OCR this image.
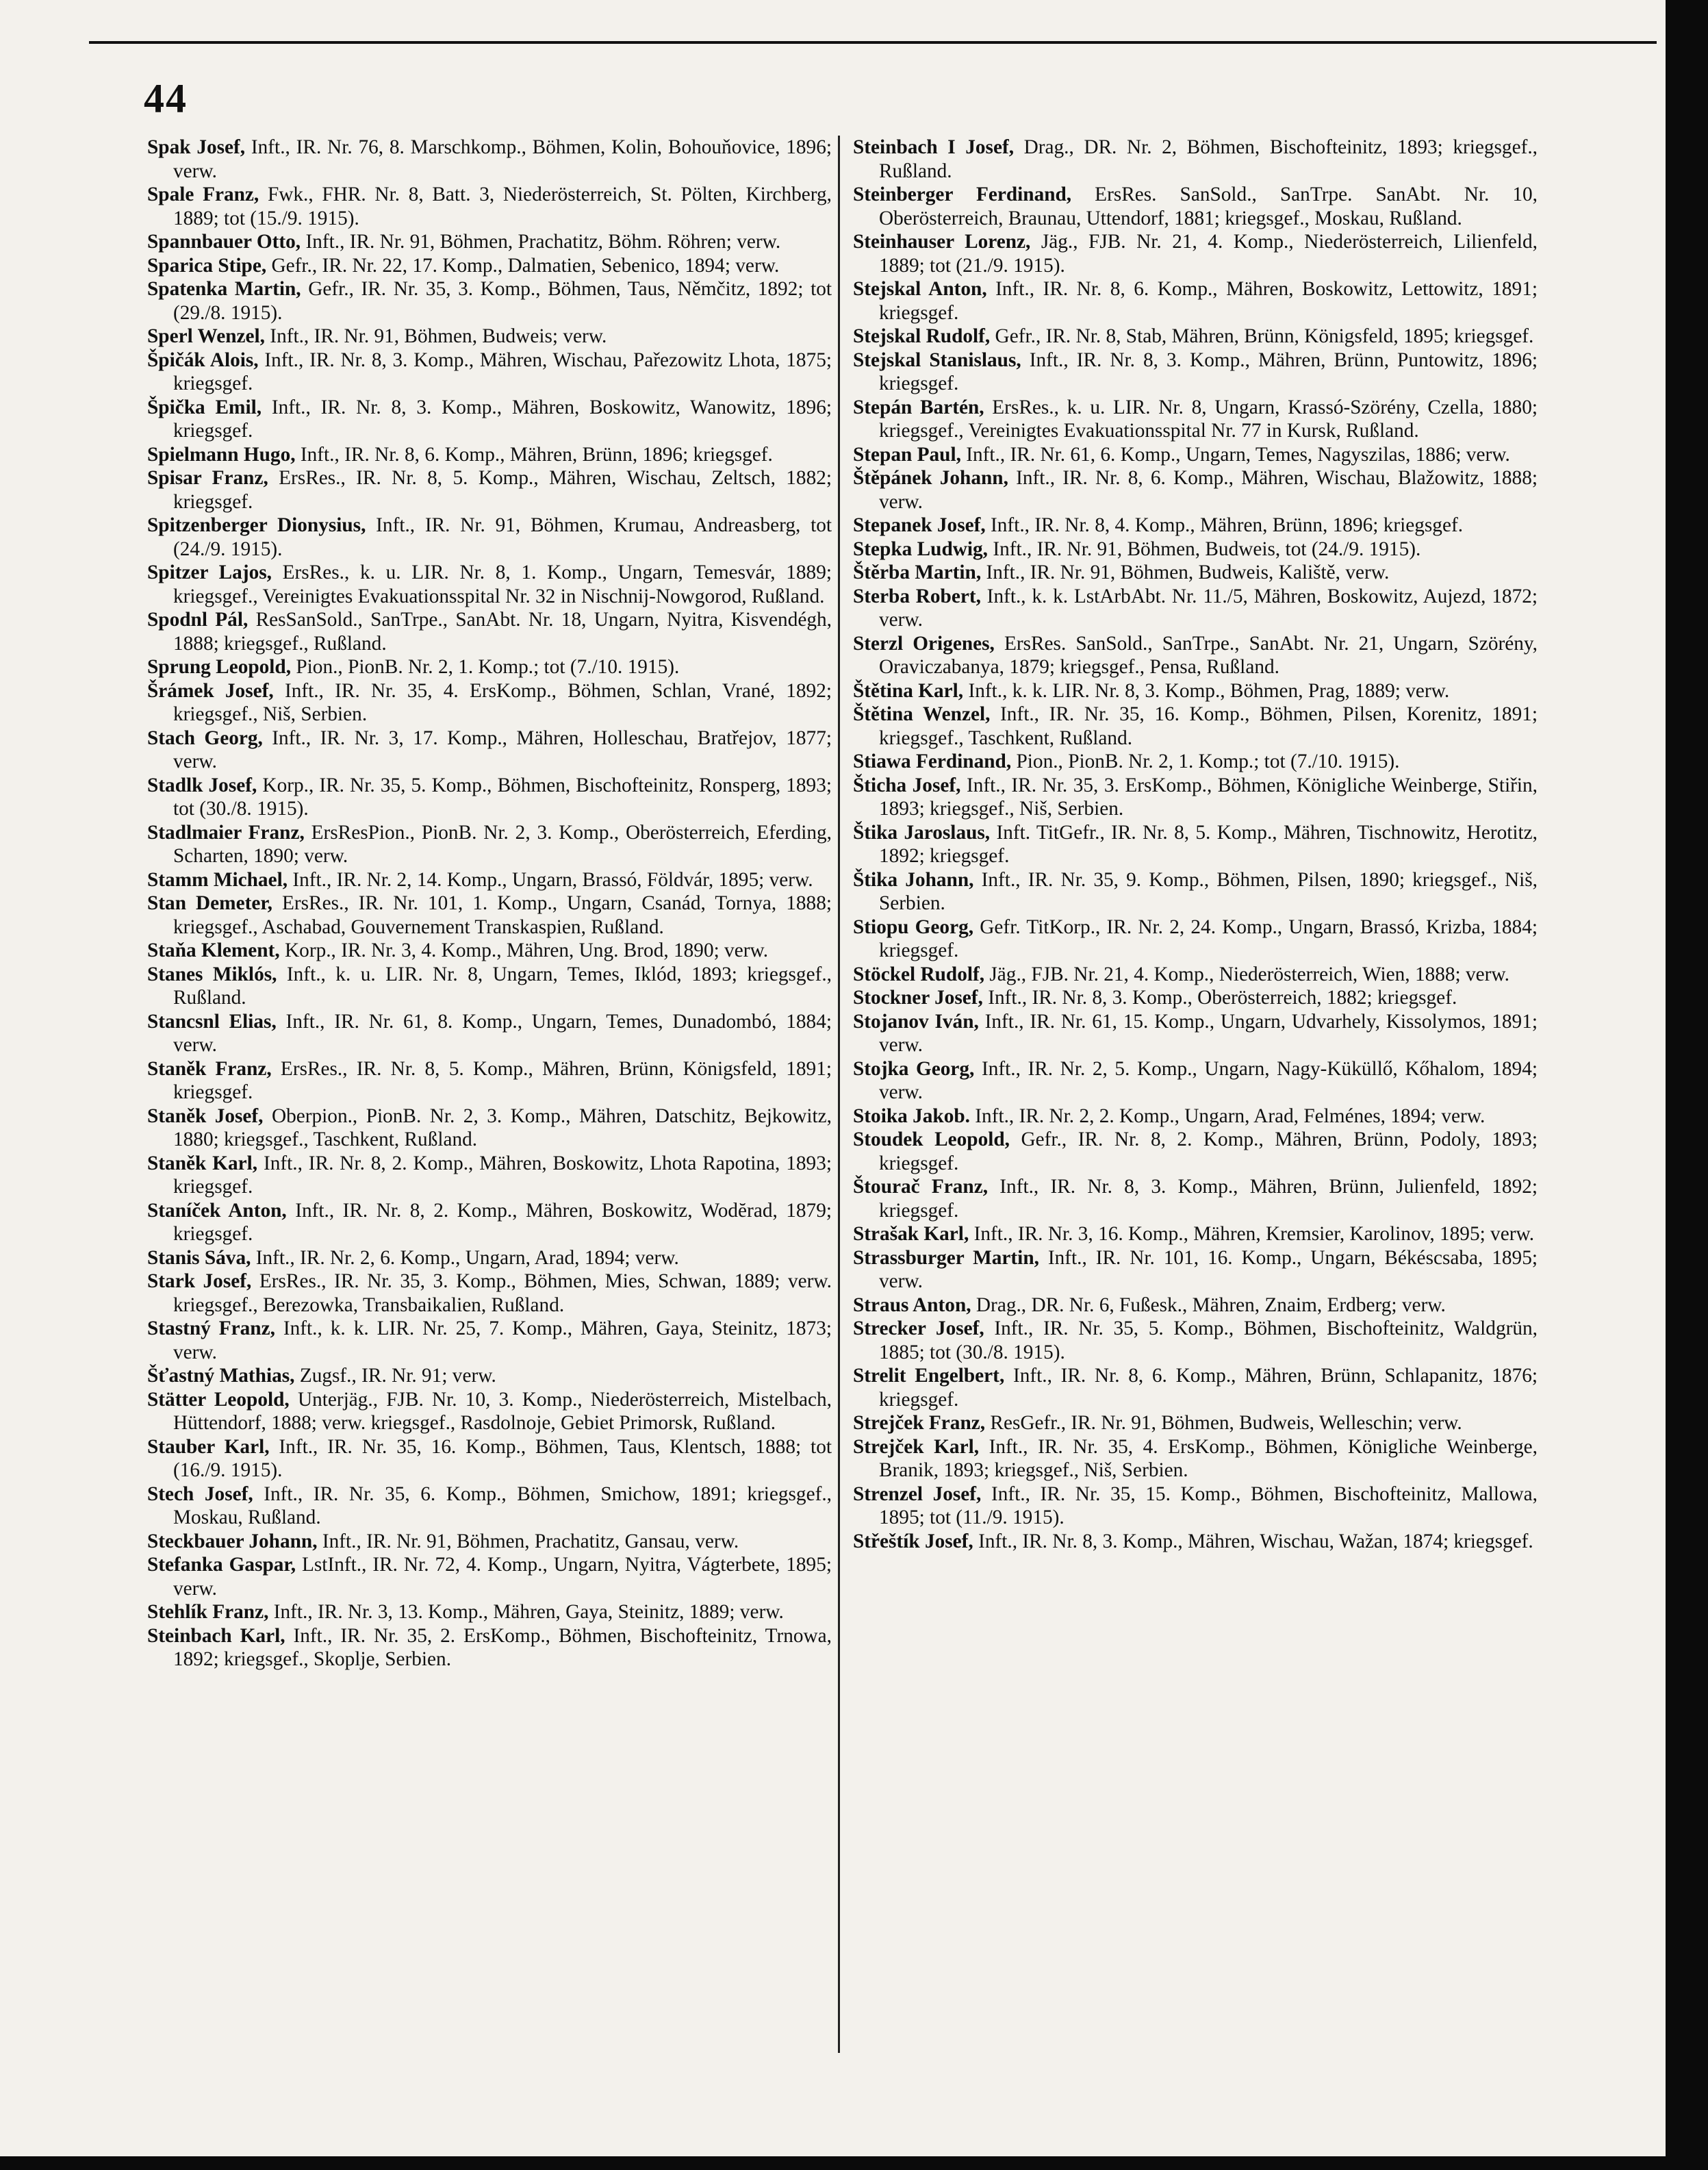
44

Spak Josef, Inft., IR. Nr. 76, 8. Marschkomp., Böhmen, Kolin, Bohouňovice, 1896; verw.

Spale Franz, Fwk., FHR. Nr. 8, Batt. 3, Niederösterreich, St. Pölten, Kirchberg, 1889; tot (15./9. 1915).

Spannbauer Otto, Inft., IR. Nr. 91, Böhmen, Prachatitz, Böhm. Röhren; verw.

Sparica Stipe, Gefr., IR. Nr. 22, 17. Komp., Dalmatien, Sebenico, 1894; verw.

Spatenka Martin, Gefr., IR. Nr. 35, 3. Komp., Böhmen, Taus, Němčitz, 1892; tot (29./8. 1915).

Sperl Wenzel, Inft., IR. Nr. 91, Böhmen, Budweis; verw.

Špičák Alois, Inft., IR. Nr. 8, 3. Komp., Mähren, Wischau, Pařezowitz Lhota, 1875; kriegsgef.

Špička Emil, Inft., IR. Nr. 8, 3. Komp., Mähren, Boskowitz, Wanowitz, 1896; kriegsgef.

Spielmann Hugo, Inft., IR. Nr. 8, 6. Komp., Mähren, Brünn, 1896; kriegsgef.

Spisar Franz, ErsRes., IR. Nr. 8, 5. Komp., Mähren, Wischau, Zeltsch, 1882; kriegsgef.

Spitzenberger Dionysius, Inft., IR. Nr. 91, Böhmen, Krumau, Andreasberg, tot (24./9. 1915).

Spitzer Lajos, ErsRes., k. u. LIR. Nr. 8, 1. Komp., Ungarn, Temesvár, 1889; kriegsgef., Vereinigtes Evakuationsspital Nr. 32 in Nischnij-Nowgorod, Rußland.

Spodnl Pál, ResSanSold., SanTrpe., SanAbt. Nr. 18, Ungarn, Nyitra, Kisvendégh, 1888; kriegsgef., Rußland.

Sprung Leopold, Pion., PionB. Nr. 2, 1. Komp.; tot (7./10. 1915).

Šrámek Josef, Inft., IR. Nr. 35, 4. ErsKomp., Böhmen, Schlan, Vrané, 1892; kriegsgef., Niš, Serbien.

Stach Georg, Inft., IR. Nr. 3, 17. Komp., Mähren, Holleschau, Bratřejov, 1877; verw.

Stadlk Josef, Korp., IR. Nr. 35, 5. Komp., Böhmen, Bischofteinitz, Ronsperg, 1893; tot (30./8. 1915).

Stadlmaier Franz, ErsResPion., PionB. Nr. 2, 3. Komp., Oberösterreich, Eferding, Scharten, 1890; verw.

Stamm Michael, Inft., IR. Nr. 2, 14. Komp., Ungarn, Brassó, Földvár, 1895; verw.

Stan Demeter, ErsRes., IR. Nr. 101, 1. Komp., Ungarn, Csanád, Tornya, 1888; kriegsgef., Aschabad, Gouvernement Transkaspien, Rußland.

Staňa Klement, Korp., IR. Nr. 3, 4. Komp., Mähren, Ung. Brod, 1890; verw.

Stanes Miklós, Inft., k. u. LIR. Nr. 8, Ungarn, Temes, Iklód, 1893; kriegsgef., Rußland.

Stancsnl Elias, Inft., IR. Nr. 61, 8. Komp., Ungarn, Temes, Dunadombó, 1884; verw.

Staněk Franz, ErsRes., IR. Nr. 8, 5. Komp., Mähren, Brünn, Königsfeld, 1891; kriegsgef.

Staněk Josef, Oberpion., PionB. Nr. 2, 3. Komp., Mähren, Datschitz, Bejkowitz, 1880; kriegsgef., Taschkent, Rußland.

Staněk Karl, Inft., IR. Nr. 8, 2. Komp., Mähren, Boskowitz, Lhota Rapotina, 1893; kriegsgef.

Staníček Anton, Inft., IR. Nr. 8, 2. Komp., Mähren, Boskowitz, Wodĕrad, 1879; kriegsgef.

Stanis Sáva, Inft., IR. Nr. 2, 6. Komp., Ungarn, Arad, 1894; verw.

Stark Josef, ErsRes., IR. Nr. 35, 3. Komp., Böhmen, Mies, Schwan, 1889; verw. kriegsgef., Berezowka, Transbaikalien, Rußland.

Stastný Franz, Inft., k. k. LIR. Nr. 25, 7. Komp., Mähren, Gaya, Steinitz, 1873; verw.

Šťastný Mathias, Zugsf., IR. Nr. 91; verw.

Stätter Leopold, Unterjäg., FJB. Nr. 10, 3. Komp., Niederösterreich, Mistelbach, Hüttendorf, 1888; verw. kriegsgef., Rasdolnoje, Gebiet Primorsk, Rußland.

Stauber Karl, Inft., IR. Nr. 35, 16. Komp., Böhmen, Taus, Klentsch, 1888; tot (16./9. 1915).

Stech Josef, Inft., IR. Nr. 35, 6. Komp., Böhmen, Smichow, 1891; kriegsgef., Moskau, Rußland.

Steckbauer Johann, Inft., IR. Nr. 91, Böhmen, Prachatitz, Gansau, verw.

Stefanka Gaspar, LstInft., IR. Nr. 72, 4. Komp., Ungarn, Nyitra, Vágterbete, 1895; verw.

Stehlík Franz, Inft., IR. Nr. 3, 13. Komp., Mähren, Gaya, Steinitz, 1889; verw.

Steinbach Karl, Inft., IR. Nr. 35, 2. ErsKomp., Böhmen, Bischofteinitz, Trnowa, 1892; kriegsgef., Skoplje, Serbien.

Steinbach I Josef, Drag., DR. Nr. 2, Böhmen, Bischofteinitz, 1893; kriegsgef., Rußland.

Steinberger Ferdinand, ErsRes. SanSold., SanTrpe. SanAbt. Nr. 10, Oberösterreich, Braunau, Uttendorf, 1881; kriegsgef., Moskau, Rußland.

Steinhauser Lorenz, Jäg., FJB. Nr. 21, 4. Komp., Niederösterreich, Lilienfeld, 1889; tot (21./9. 1915).

Stejskal Anton, Inft., IR. Nr. 8, 6. Komp., Mähren, Boskowitz, Lettowitz, 1891; kriegsgef.

Stejskal Rudolf, Gefr., IR. Nr. 8, Stab, Mähren, Brünn, Königsfeld, 1895; kriegsgef.

Stejskal Stanislaus, Inft., IR. Nr. 8, 3. Komp., Mähren, Brünn, Puntowitz, 1896; kriegsgef.

Stepán Bartén, ErsRes., k. u. LIR. Nr. 8, Ungarn, Krassó-Szörény, Czella, 1880; kriegsgef., Vereinigtes Evakuationsspital Nr. 77 in Kursk, Rußland.

Stepan Paul, Inft., IR. Nr. 61, 6. Komp., Ungarn, Temes, Nagyszilas, 1886; verw.

Štěpánek Johann, Inft., IR. Nr. 8, 6. Komp., Mähren, Wischau, Blažowitz, 1888; verw.

Stepanek Josef, Inft., IR. Nr. 8, 4. Komp., Mähren, Brünn, 1896; kriegsgef.

Stepka Ludwig, Inft., IR. Nr. 91, Böhmen, Budweis, tot (24./9. 1915).

Štěrba Martin, Inft., IR. Nr. 91, Böhmen, Budweis, Kaliště, verw.

Sterba Robert, Inft., k. k. LstArbAbt. Nr. 11./5, Mähren, Boskowitz, Aujezd, 1872; verw.

Sterzl Origenes, ErsRes. SanSold., SanTrpe., SanAbt. Nr. 21, Ungarn, Szörény, Oraviczabanya, 1879; kriegsgef., Pensa, Rußland.

Štětina Karl, Inft., k. k. LIR. Nr. 8, 3. Komp., Böhmen, Prag, 1889; verw.

Štětina Wenzel, Inft., IR. Nr. 35, 16. Komp., Böhmen, Pilsen, Korenitz, 1891; kriegsgef., Taschkent, Rußland.

Stiawa Ferdinand, Pion., PionB. Nr. 2, 1. Komp.; tot (7./10. 1915).

Šticha Josef, Inft., IR. Nr. 35, 3. ErsKomp., Böhmen, Königliche Weinberge, Stiřin, 1893; kriegsgef., Niš, Serbien.

Štika Jaroslaus, Inft. TitGefr., IR. Nr. 8, 5. Komp., Mähren, Tischnowitz, Herotitz, 1892; kriegsgef.

Štika Johann, Inft., IR. Nr. 35, 9. Komp., Böhmen, Pilsen, 1890; kriegsgef., Niš, Serbien.

Stiopu Georg, Gefr. TitKorp., IR. Nr. 2, 24. Komp., Ungarn, Brassó, Krizba, 1884; kriegsgef.

Stöckel Rudolf, Jäg., FJB. Nr. 21, 4. Komp., Niederösterreich, Wien, 1888; verw.

Stockner Josef, Inft., IR. Nr. 8, 3. Komp., Oberösterreich, 1882; kriegsgef.

Stojanov Iván, Inft., IR. Nr. 61, 15. Komp., Ungarn, Udvarhely, Kissolymos, 1891; verw.

Stojka Georg, Inft., IR. Nr. 2, 5. Komp., Ungarn, Nagy-Küküllő, Kőhalom, 1894; verw.

Stoika Jakob. Inft., IR. Nr. 2, 2. Komp., Ungarn, Arad, Felménes, 1894; verw.

Stoudek Leopold, Gefr., IR. Nr. 8, 2. Komp., Mähren, Brünn, Podoly, 1893; kriegsgef.

Štourač Franz, Inft., IR. Nr. 8, 3. Komp., Mähren, Brünn, Julienfeld, 1892; kriegsgef.

Strašak Karl, Inft., IR. Nr. 3, 16. Komp., Mähren, Kremsier, Karolinov, 1895; verw.

Strassburger Martin, Inft., IR. Nr. 101, 16. Komp., Ungarn, Békéscsaba, 1895; verw.

Straus Anton, Drag., DR. Nr. 6, Fußesk., Mähren, Znaim, Erdberg; verw.

Strecker Josef, Inft., IR. Nr. 35, 5. Komp., Böhmen, Bischofteinitz, Waldgrün, 1885; tot (30./8. 1915).

Strelit Engelbert, Inft., IR. Nr. 8, 6. Komp., Mähren, Brünn, Schlapanitz, 1876; kriegsgef.

Strejček Franz, ResGefr., IR. Nr. 91, Böhmen, Budweis, Welleschin; verw.

Strejček Karl, Inft., IR. Nr. 35, 4. ErsKomp., Böhmen, Königliche Weinberge, Branik, 1893; kriegsgef., Niš, Serbien.

Strenzel Josef, Inft., IR. Nr. 35, 15. Komp., Böhmen, Bischofteinitz, Mallowa, 1895; tot (11./9. 1915).

Střeštík Josef, Inft., IR. Nr. 8, 3. Komp., Mähren, Wischau, Wažan, 1874; kriegsgef.
